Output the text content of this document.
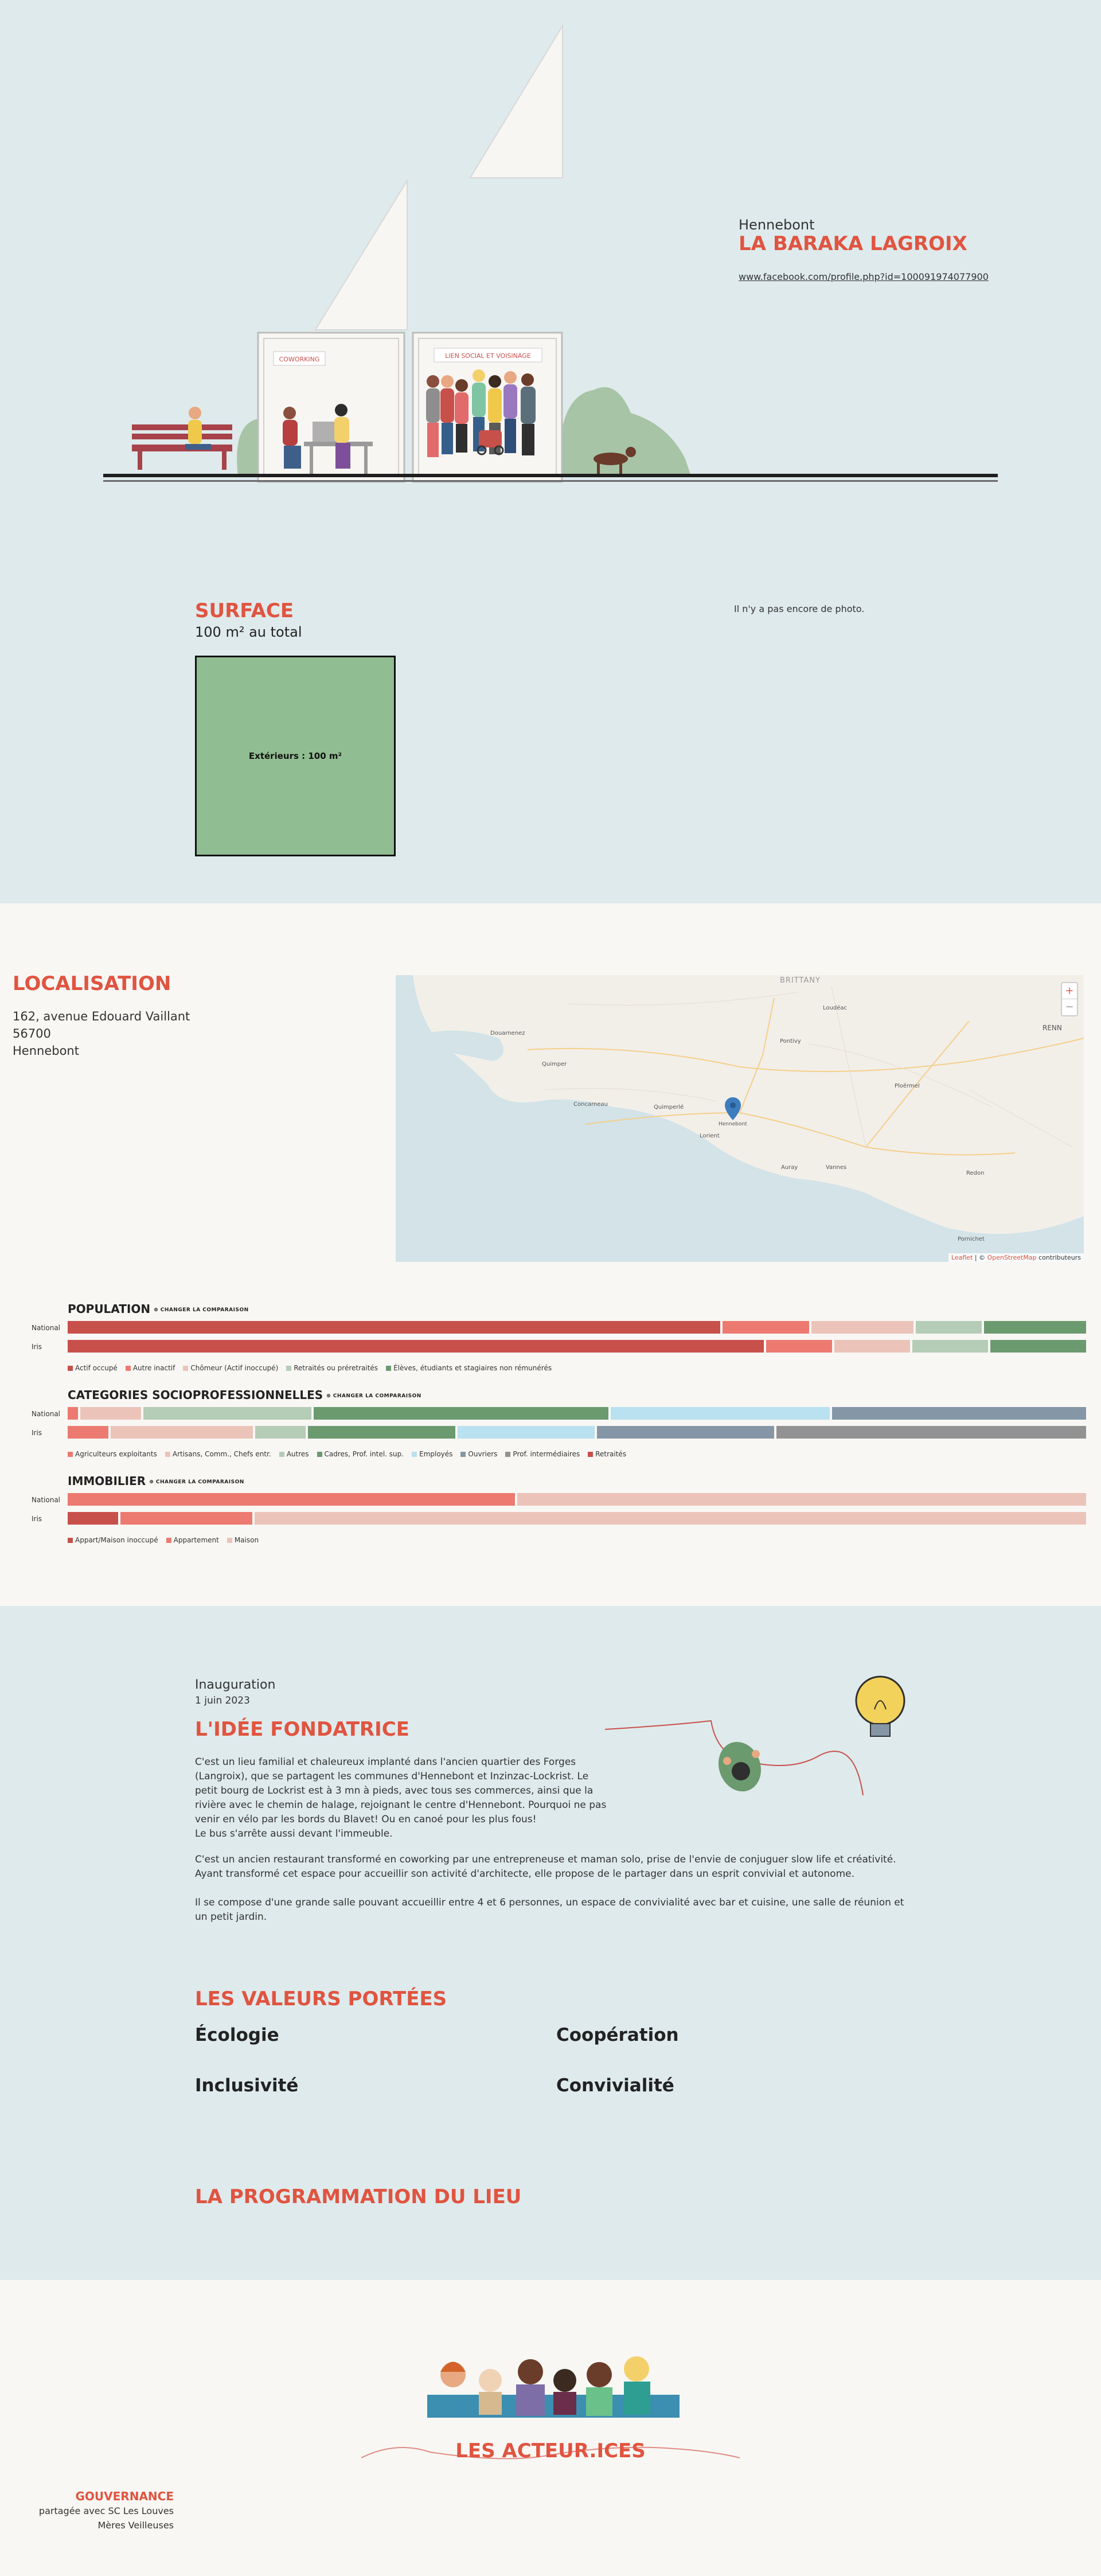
COWORKING	LIEN SOCIAL ET VOISINAGE
Hennebont
LA BARAKA LAGROIX
www.facebook.com/profile.php?id=100091974077900
SURFACE
100 m² au total
Extérieurs : 100 m²
Il n'y a pas encore de photo.
LOCALISATION
162, avenue Edouard Vaillant
56700
Hennebont
BRITTANY
RENN
Douarnenez
Loudéac
Pontivy
Quimper
Ploërmel
Concarneau	Quimperlé
Hennebont
Lorient
Auray	Vannes
Redon
Pornichet
+
−
Leaflet | © OpenStreetMap contributeurs
POPULATION ⊕ CHANGER LA COMPARAISON
National
Iris
Actif occupé	Autre inactif	Chômeur (Actif inoccupé)	Retraités ou préretraités	Élèves, étudiants et stagiaires non rémunérés
CATEGORIES SOCIOPROFESSIONNELLES ⊕ CHANGER LA COMPARAISON
National
Iris
Agriculteurs exploitants	Artisans, Comm., Chefs entr.	Autres	Cadres, Prof. intel. sup.	Employés	Ouvriers	Prof. intermédiaires	Retraités
IMMOBILIER ⊕ CHANGER LA COMPARAISON
National
Iris
Appart/Maison inoccupé	Appartement	Maison
Inauguration
1 juin 2023
L'IDÉE FONDATRICE
C'est un lieu familial et chaleureux implanté dans l'ancien quartier des Forges (Langroix), que se partagent les communes d'Hennebont et Inzinzac-Lockrist. Le petit bourg de Lockrist est à 3 mn à pieds, avec tous ses commerces, ainsi que la rivière avec le chemin de halage, rejoignant le centre d'Hennebont. Pourquoi ne pas venir en vélo par les bords du Blavet! Ou en canoé pour les plus fous!
Le bus s'arrête aussi devant l'immeuble.
C'est un ancien restaurant transformé en coworking par une entrepreneuse et maman solo, prise de l'envie de conjuguer slow life et créativité.
Ayant transformé cet espace pour accueillir son activité d'architecte, elle propose de le partager dans un esprit convivial et autonome.
Il se compose d'une grande salle pouvant accueillir entre 4 et 6 personnes, un espace de convivialité avec bar et cuisine, une salle de réunion et un petit jardin.
LES VALEURS PORTÉES
Écologie	Coopération
Inclusivité	Convivialité
LA PROGRAMMATION DU LIEU
LES ACTEUR.ICES
GOUVERNANCE
partagée avec SC Les Louves
Mères Veilleuses
